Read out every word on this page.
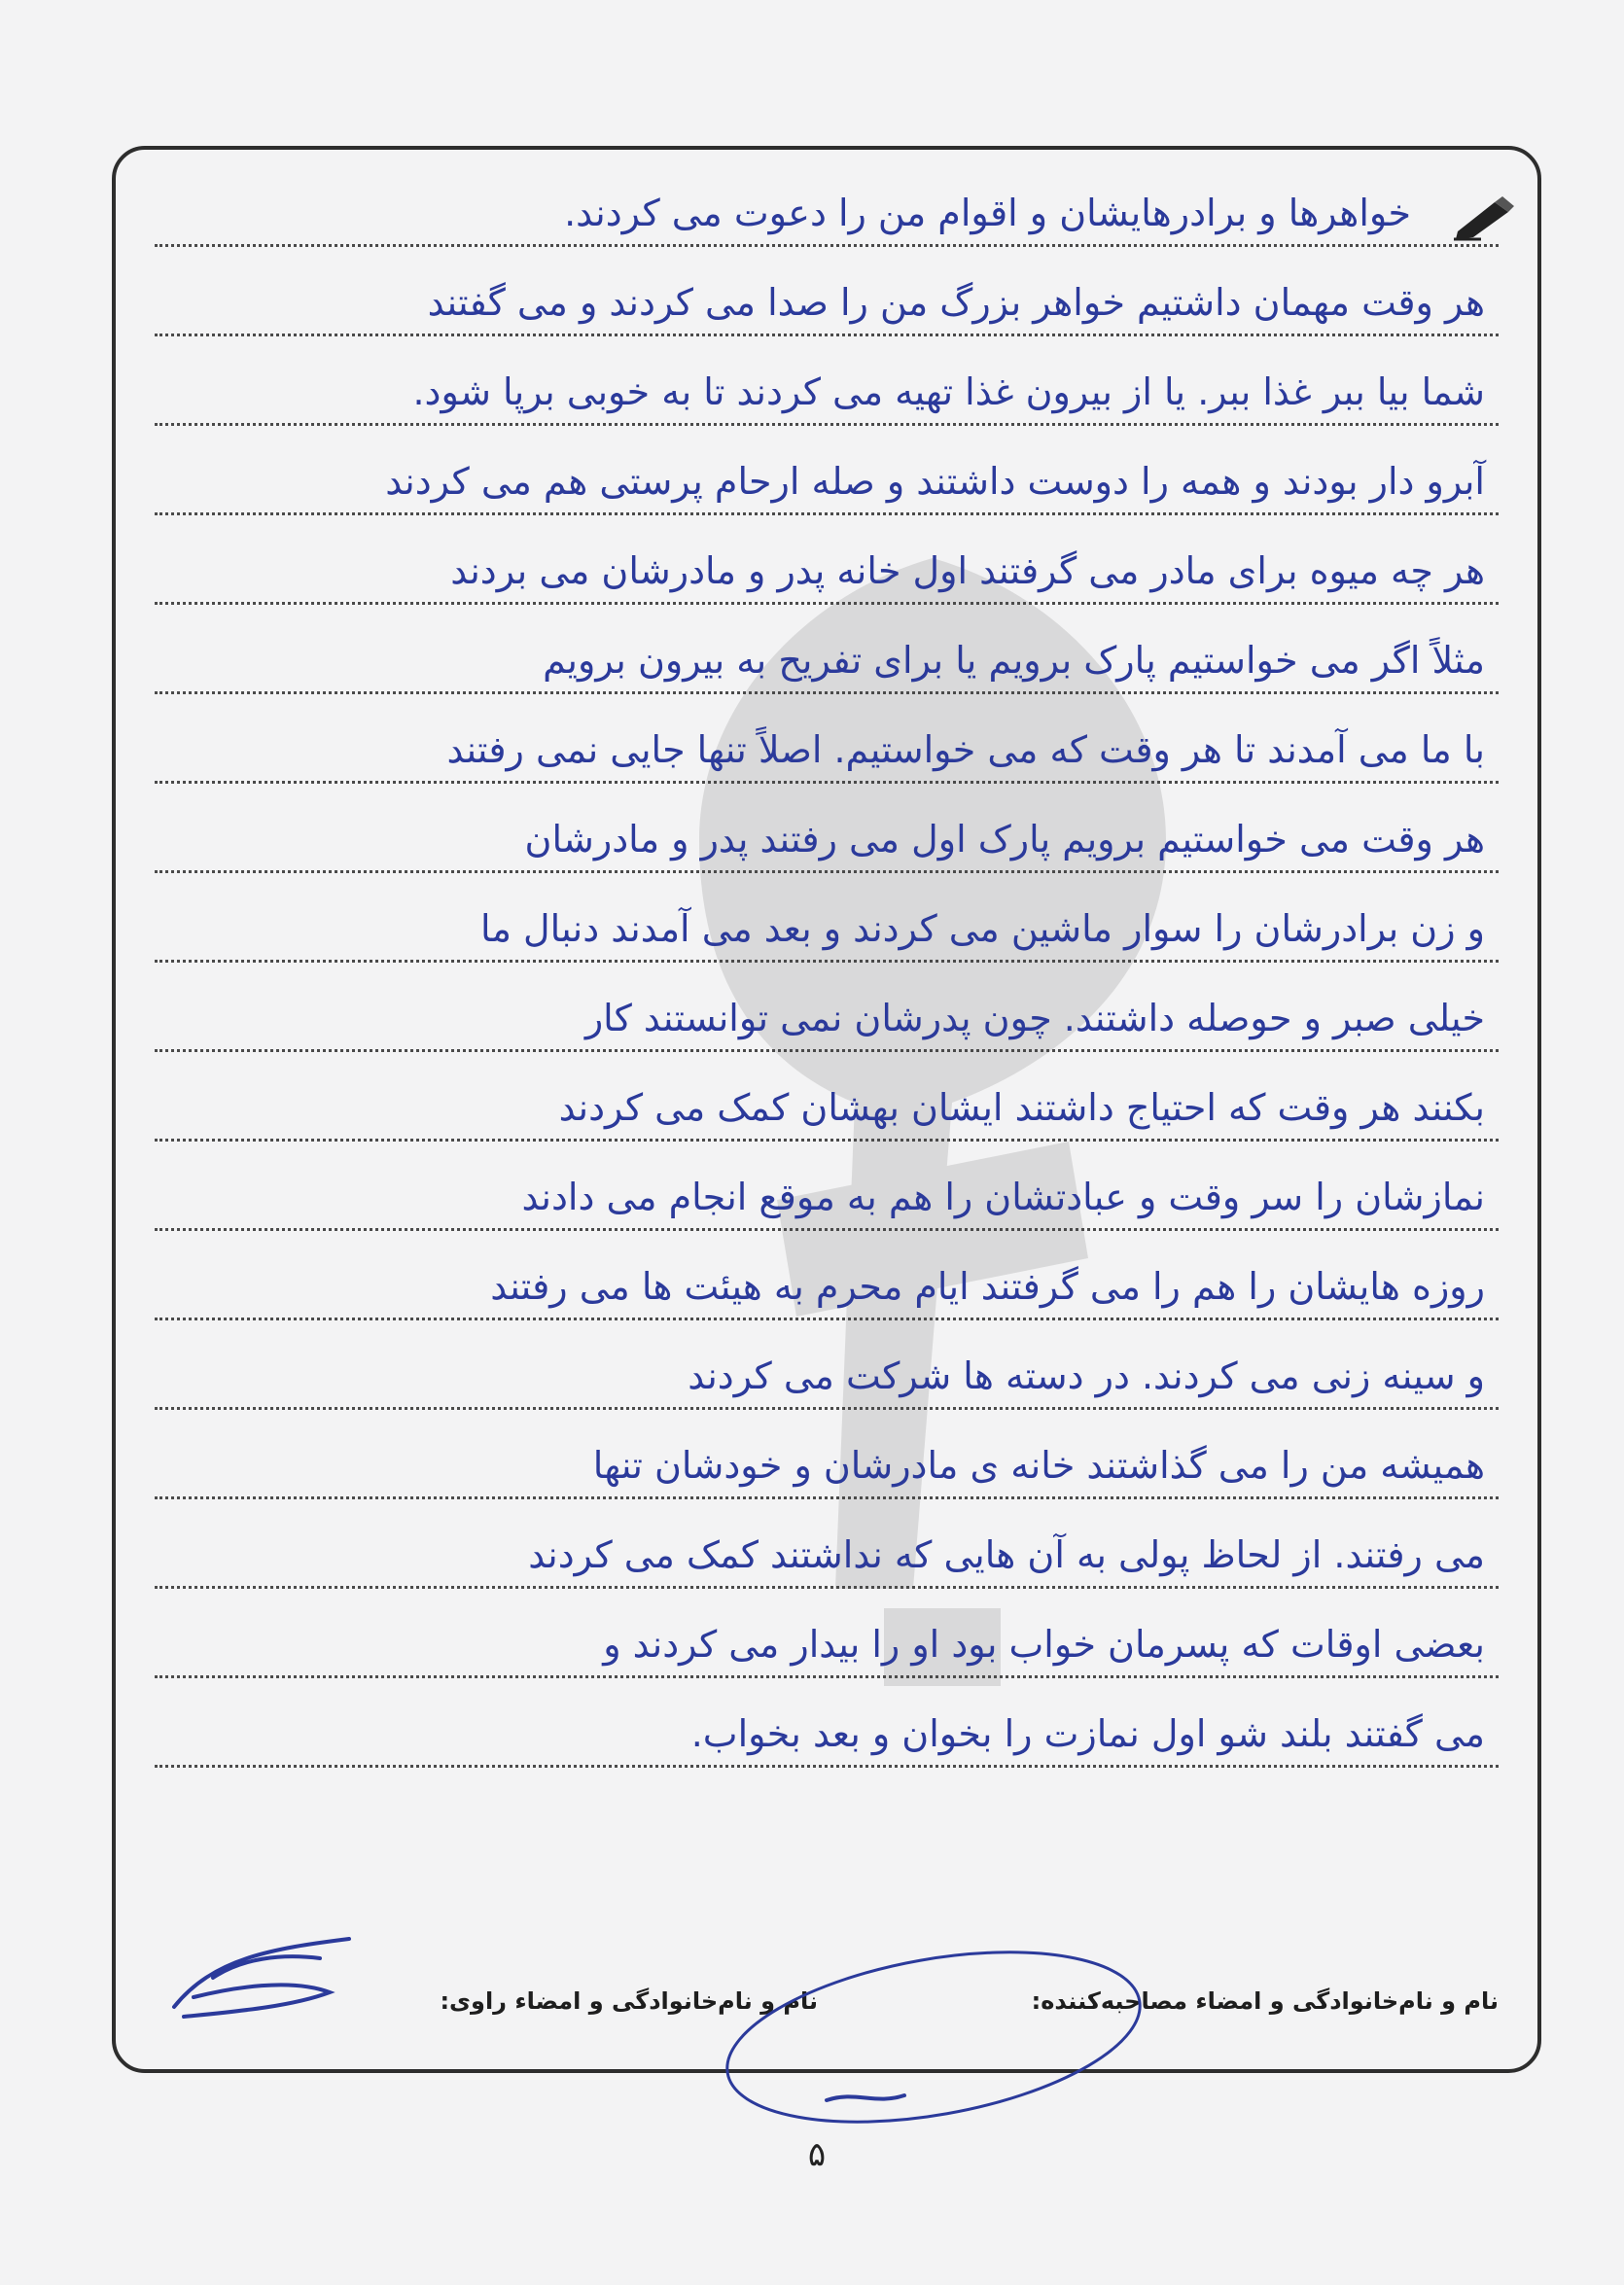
خواهرها و برادرهایشان و اقوام من را دعوت می کردند.
هر وقت مهمان داشتیم خواهر بزرگ من را صدا می کردند و می گفتند
شما بیا ببر غذا ببر. یا از بیرون غذا تهیه می کردند تا به خوبی برپا شود.
آبرو دار بودند و همه را دوست داشتند و صله ارحام پرستی هم می کردند
هر چه میوه برای مادر می گرفتند اول خانه پدر و مادرشان می بردند
مثلاً اگر می خواستیم پارک برویم یا برای تفریح به بیرون برویم
با ما می آمدند تا هر وقت که می خواستیم. اصلاً تنها جایی نمی رفتند
هر وقت می خواستیم برویم پارک اول می رفتند پدر و مادرشان
و زن برادرشان را سوار ماشین می کردند و بعد می آمدند دنبال ما
خیلی صبر و حوصله داشتند. چون پدرشان نمی توانستند کار
بکنند هر وقت که احتیاج داشتند ایشان بهشان کمک می کردند
نمازشان را سر وقت و عبادتشان را هم به موقع انجام می دادند
روزه هایشان را هم را می گرفتند ایام محرم به هیئت ها می رفتند
و سینه زنی می کردند. در دسته ها شرکت می کردند
همیشه من را می گذاشتند خانه ی مادرشان و خودشان تنها
می رفتند. از لحاظ پولی به آن هایی که نداشتند کمک می کردند
بعضی اوقات که پسرمان خواب بود او را بیدار می کردند و
می گفتند بلند شو اول نمازت را بخوان و بعد بخواب.
نام و نام‌خانوادگی و امضاء مصاحبه‌کننده:
نام و نام‌خانوادگی و امضاء راوی:
۵
